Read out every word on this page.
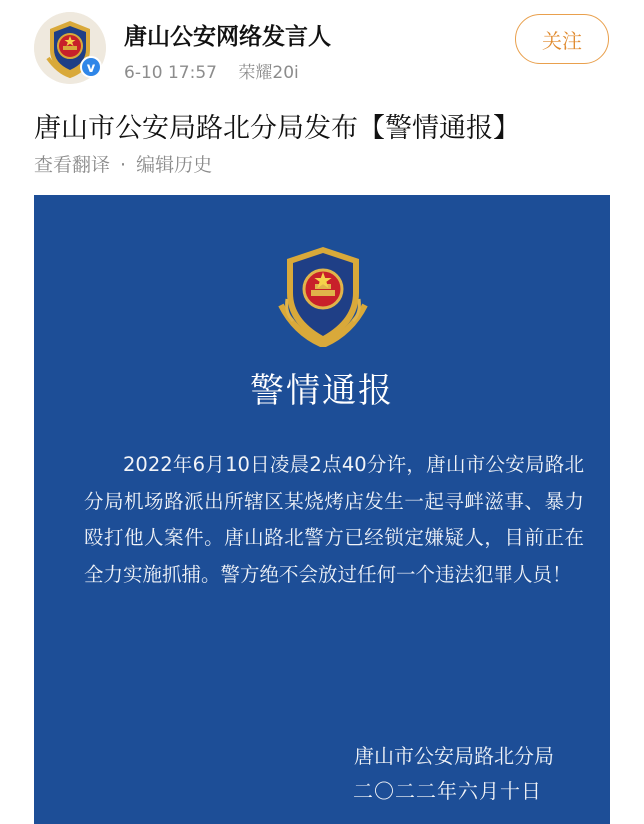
v
唐山公安网络发言人
6-10 17:57 荣耀20i
关注
唐山市公安局路北分局发布【警情通报】
查看翻译 · 编辑历史
警情通报
2022年6月10日凌晨2点40分许，唐山市公安局路北分局机场路派出所辖区某烧烤店发生一起寻衅滋事、暴力殴打他人案件。唐山路北警方已经锁定嫌疑人，目前正在全力实施抓捕。警方绝不会放过任何一个违法犯罪人员！
唐山市公安局路北分局
二〇二二年六月十日
